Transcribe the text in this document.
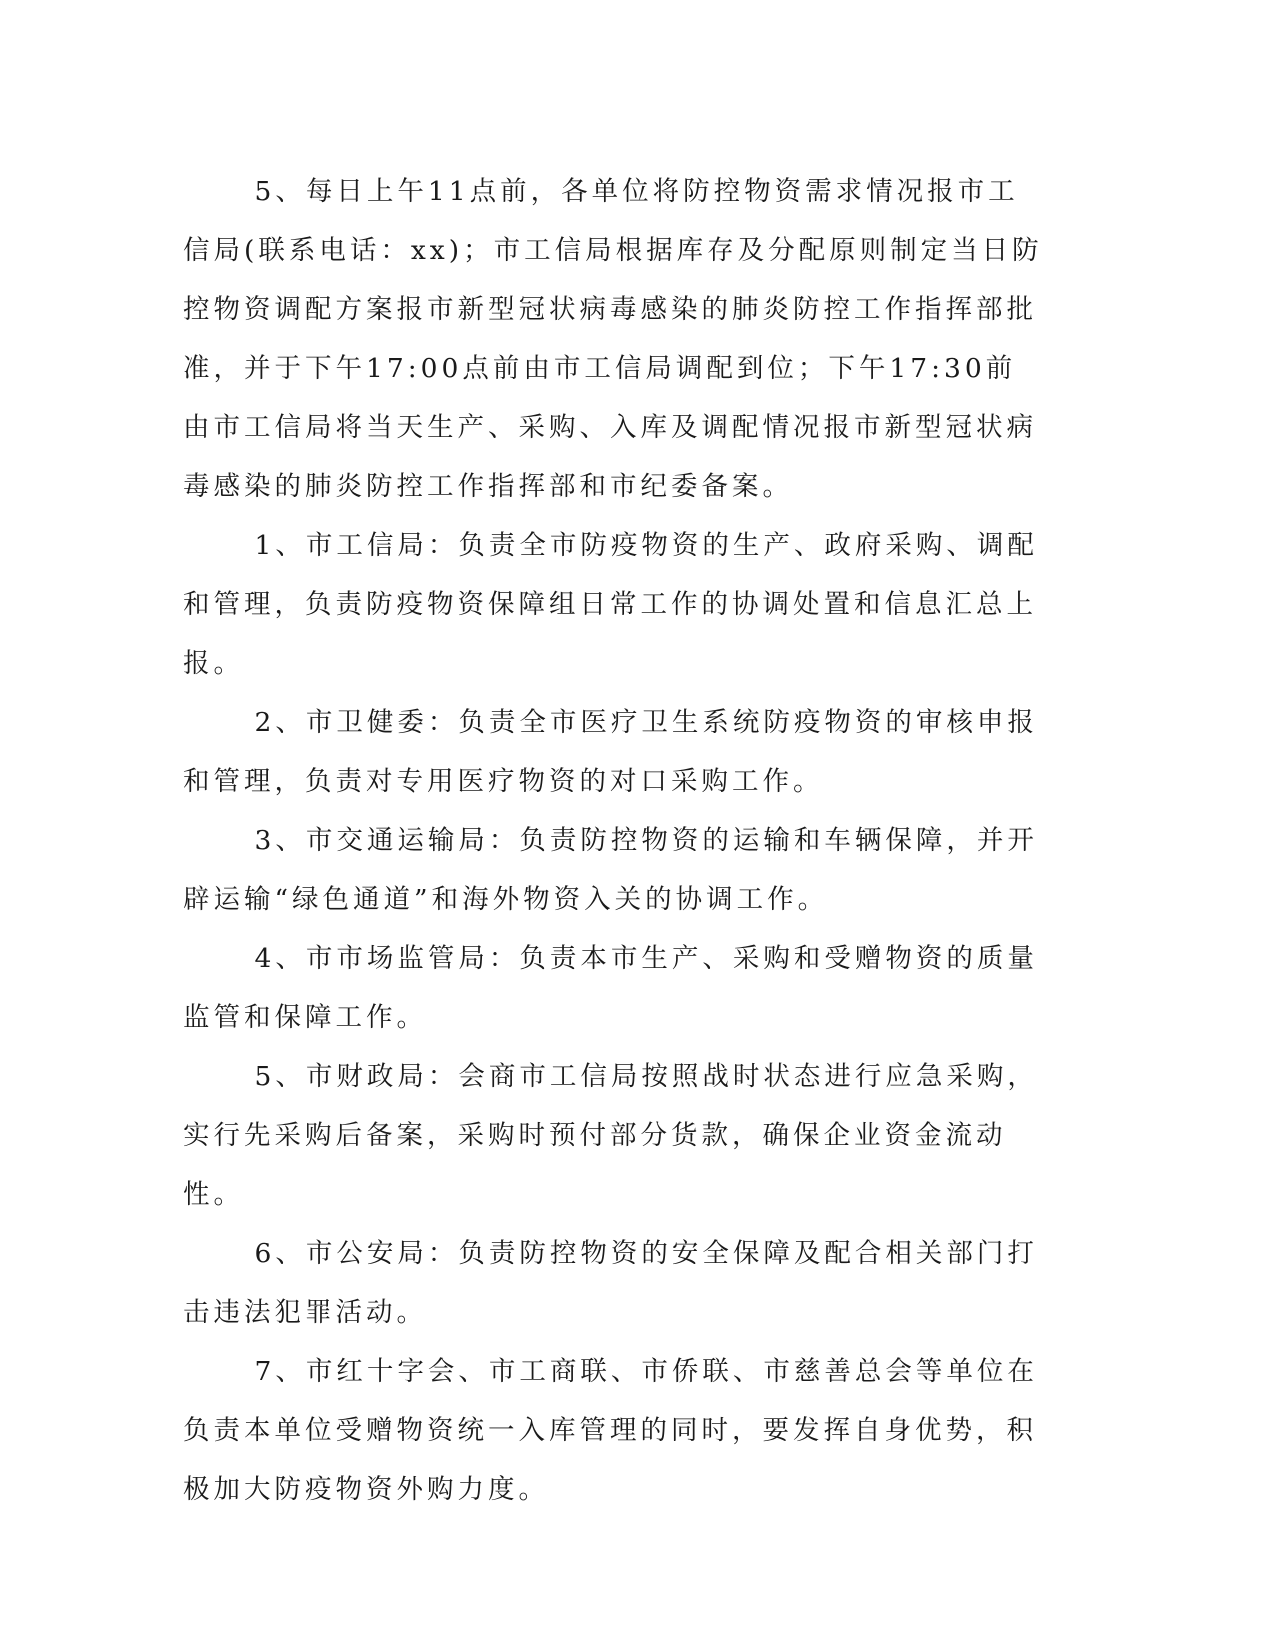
5、每日上午11点前，各单位将防控物资需求情况报市工信局(联系电话：xx)；市工信局根据库存及分配原则制定当日防控物资调配方案报市新型冠状病毒感染的肺炎防控工作指挥部批准，并于下午17:00点前由市工信局调配到位；下午17:30前由市工信局将当天生产、采购、入库及调配情况报市新型冠状病毒感染的肺炎防控工作指挥部和市纪委备案。

1、市工信局：负责全市防疫物资的生产、政府采购、调配和管理，负责防疫物资保障组日常工作的协调处置和信息汇总上报。

2、市卫健委：负责全市医疗卫生系统防疫物资的审核申报和管理，负责对专用医疗物资的对口采购工作。

3、市交通运输局：负责防控物资的运输和车辆保障，并开辟运输“绿色通道”和海外物资入关的协调工作。

4、市市场监管局：负责本市生产、采购和受赠物资的质量监管和保障工作。

5、市财政局：会商市工信局按照战时状态进行应急采购，实行先采购后备案，采购时预付部分货款，确保企业资金流动性。

6、市公安局：负责防控物资的安全保障及配合相关部门打击违法犯罪活动。

7、市红十字会、市工商联、市侨联、市慈善总会等单位在负责本单位受赠物资统一入库管理的同时，要发挥自身优势，积极加大防疫物资外购力度。
